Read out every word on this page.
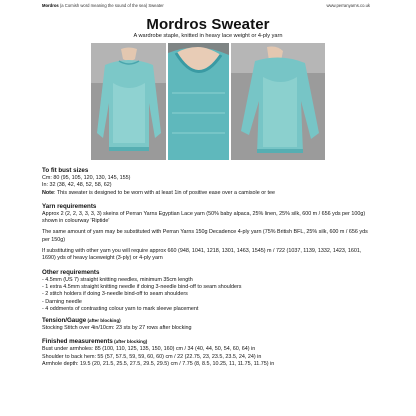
Mordros (a Cornish word meaning the sound of the sea) Sweater	www.perranyarns.co.uk
Mordros Sweater
A wardrobe staple, knitted in heavy lace weight or 4-ply yarn
To fit bust sizes

Cm: 80 (95, 105, 120, 130, 145, 155)

In: 32 (38, 42, 48, 52, 58, 62)

Note: This sweater is designed to be worn with at least 1in of positive ease over a camisole or tee

Yarn requirements

Approx 2 (2, 2, 3, 3, 3, 3) skeins of Perran Yarns Egyptian Lace yarn (50% baby alpaca, 25% linen, 25% silk, 600 m / 656 yds per 100g) shown in colourway 'Riptide'

The same amount of yarn may be substituted with Perran Yarns 150g Decadence 4-ply yarn (75% British BFL, 25% silk, 600 m / 656 yds per 150g)

If substituting with other yarn you will require approx 660 (948, 1041, 1218, 1301, 1463, 1545) m / 722 (1037, 1139, 1332, 1423, 1601, 1690) yds of heavy laceweight (3-ply) or 4-ply yarn

Other requirements
- 4.5mm (US 7) straight knitting needles, minimum 35cm length
- 1 extra 4.5mm straight knitting needle if doing 3-needle bind-off to seam shoulders
- 2 stitch holders if doing 3-needle bind-off to seam shoulders
- Darning needle
- 4 oddments of contrasting colour yarn to mark sleeve placement
Tension/Gauge (after blocking)

Stocking Stitch over 4in/10cm: 23 sts by 27 rows after blocking

Finished measurements (after blocking)

Bust under armholes: 85 (100, 110, 125, 135, 150, 160) cm / 34 (40, 44, 50, 54, 60, 64) in

Shoulder to back hem: 55 (57, 57.5, 59, 59, 60, 60) cm / 22 (22.75, 23, 23.5, 23.5, 24, 24) in

Armhole depth: 19.5 (20, 21.5, 25.5, 27.5, 29.5, 29.5) cm / 7.75 (8, 8.5, 10.25, 11, 11.75, 11.75) in
